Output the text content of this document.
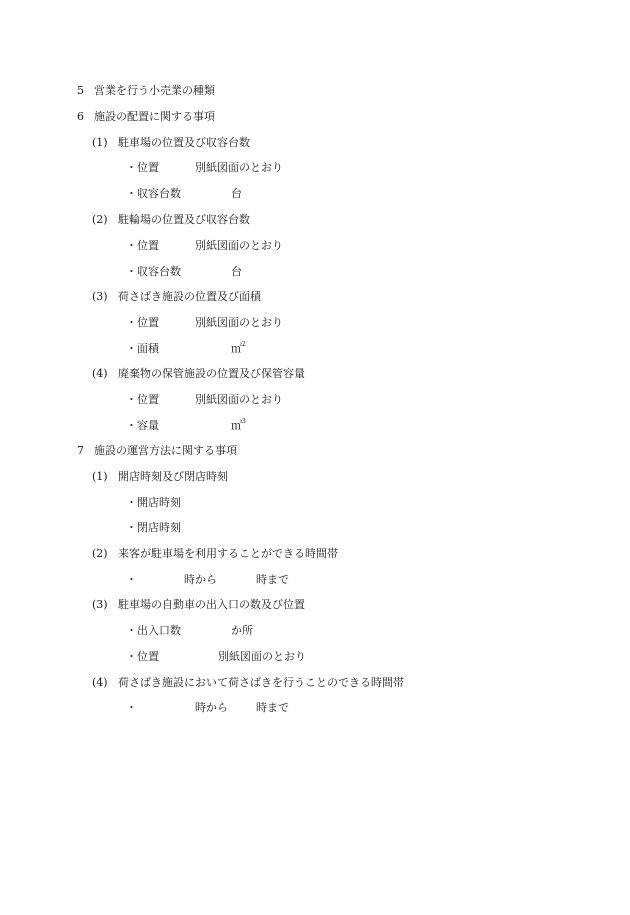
5 営業を行う小売業の種類
6 施設の配置に関する事項
(1) 駐車場の位置及び収容台数
・位置	別紙図面のとおり
・収容台数	台
(2) 駐輪場の位置及び収容台数
・位置	別紙図面のとおり
・収容台数	台
(3) 荷さばき施設の位置及び面積
・位置	別紙図面のとおり
・面積	㎡$^2$
(4) 廃棄物の保管施設の位置及び保管容量
・位置	別紙図面のとおり
・容量	㎥$^3$
7 施設の運営方法に関する事項
(1) 開店時刻及び閉店時刻
・開店時刻
・閉店時刻
(2) 来客が駐車場を利用することができる時間帯
・	時から	時まで
(3) 駐車場の自動車の出入口の数及び位置
・出入口数	か所
・位置	別紙図面のとおり
(4) 荷さばき施設において荷さばきを行うことのできる時間帯
・	時から	時まで
